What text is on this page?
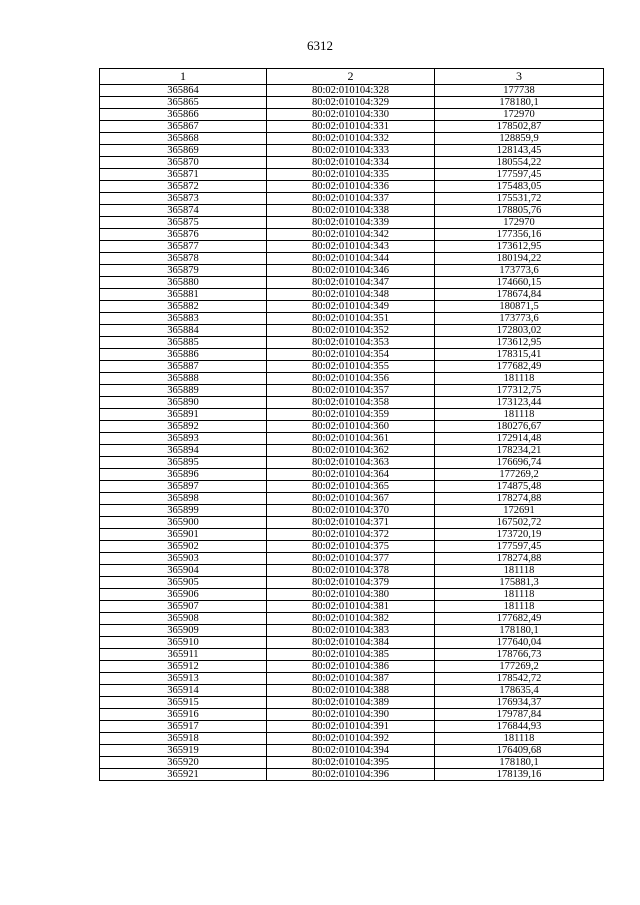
6312
1	2	3
365864	80:02:010104:328	177738
365865	80:02:010104:329	178180,1
365866	80:02:010104:330	172970
365867	80:02:010104:331	178502,87
365868	80:02:010104:332	128859,9
365869	80:02:010104:333	128143,45
365870	80:02:010104:334	180554,22
365871	80:02:010104:335	177597,45
365872	80:02:010104:336	175483,05
365873	80:02:010104:337	175531,72
365874	80:02:010104:338	178805,76
365875	80:02:010104:339	172970
365876	80:02:010104:342	177356,16
365877	80:02:010104:343	173612,95
365878	80:02:010104:344	180194,22
365879	80:02:010104:346	173773,6
365880	80:02:010104:347	174660,15
365881	80:02:010104:348	178674,84
365882	80:02:010104:349	180871,5
365883	80:02:010104:351	173773,6
365884	80:02:010104:352	172803,02
365885	80:02:010104:353	173612,95
365886	80:02:010104:354	178315,41
365887	80:02:010104:355	177682,49
365888	80:02:010104:356	181118
365889	80:02:010104:357	177312,75
365890	80:02:010104:358	173123,44
365891	80:02:010104:359	181118
365892	80:02:010104:360	180276,67
365893	80:02:010104:361	172914,48
365894	80:02:010104:362	178234,21
365895	80:02:010104:363	176696,74
365896	80:02:010104:364	177269,2
365897	80:02:010104:365	174875,48
365898	80:02:010104:367	178274,88
365899	80:02:010104:370	172691
365900	80:02:010104:371	167502,72
365901	80:02:010104:372	173720,19
365902	80:02:010104:375	177597,45
365903	80:02:010104:377	178274,88
365904	80:02:010104:378	181118
365905	80:02:010104:379	175881,3
365906	80:02:010104:380	181118
365907	80:02:010104:381	181118
365908	80:02:010104:382	177682,49
365909	80:02:010104:383	178180,1
365910	80:02:010104:384	177640,04
365911	80:02:010104:385	178766,73
365912	80:02:010104:386	177269,2
365913	80:02:010104:387	178542,72
365914	80:02:010104:388	178635,4
365915	80:02:010104:389	176934,37
365916	80:02:010104:390	179787,84
365917	80:02:010104:391	176844,93
365918	80:02:010104:392	181118
365919	80:02:010104:394	176409,68
365920	80:02:010104:395	178180,1
365921	80:02:010104:396	178139,16
